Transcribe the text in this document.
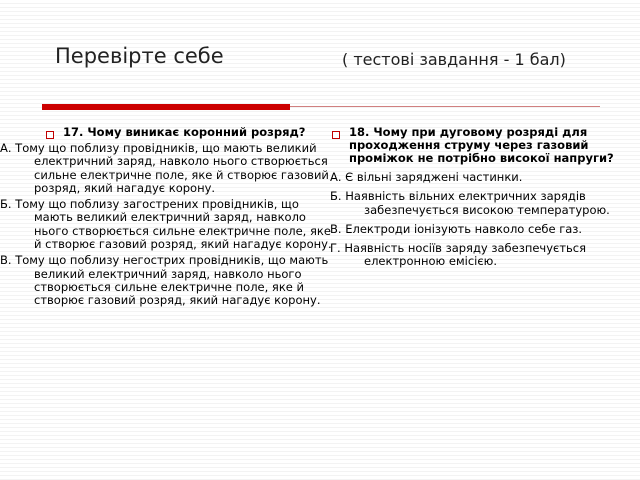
Перевірте себе	( тестові завдання - 1 бал)
17. Чому виникає коронний розряд?
А. Тому що поблизу провідників, що мають великий електричний заряд, навколо нього створюється сильне електричне поле, яке й створює газовий розряд, який нагадує корону.
Б. Тому що поблизу загострених провідників, що мають великий електричний заряд, навколо нього створюється сильне електричне поле, яке й створює газовий розряд, який нагадує корону.
В. Тому що поблизу негострих провідників, що мають великий електричний заряд, навколо нього створюється сильне електричне поле, яке й створює газовий розряд, який нагадує корону.
18. Чому при дуговому розряді для проходження струму через газовий проміжок не потрібно високої напруги?
А. Є вільні заряджені частинки.
Б. Наявність вільних електричних зарядів забезпечується високою температурою.
В. Електроди іонізують навколо себе газ.
Г. Наявність носіїв заряду забезпечується електронною емісією.
